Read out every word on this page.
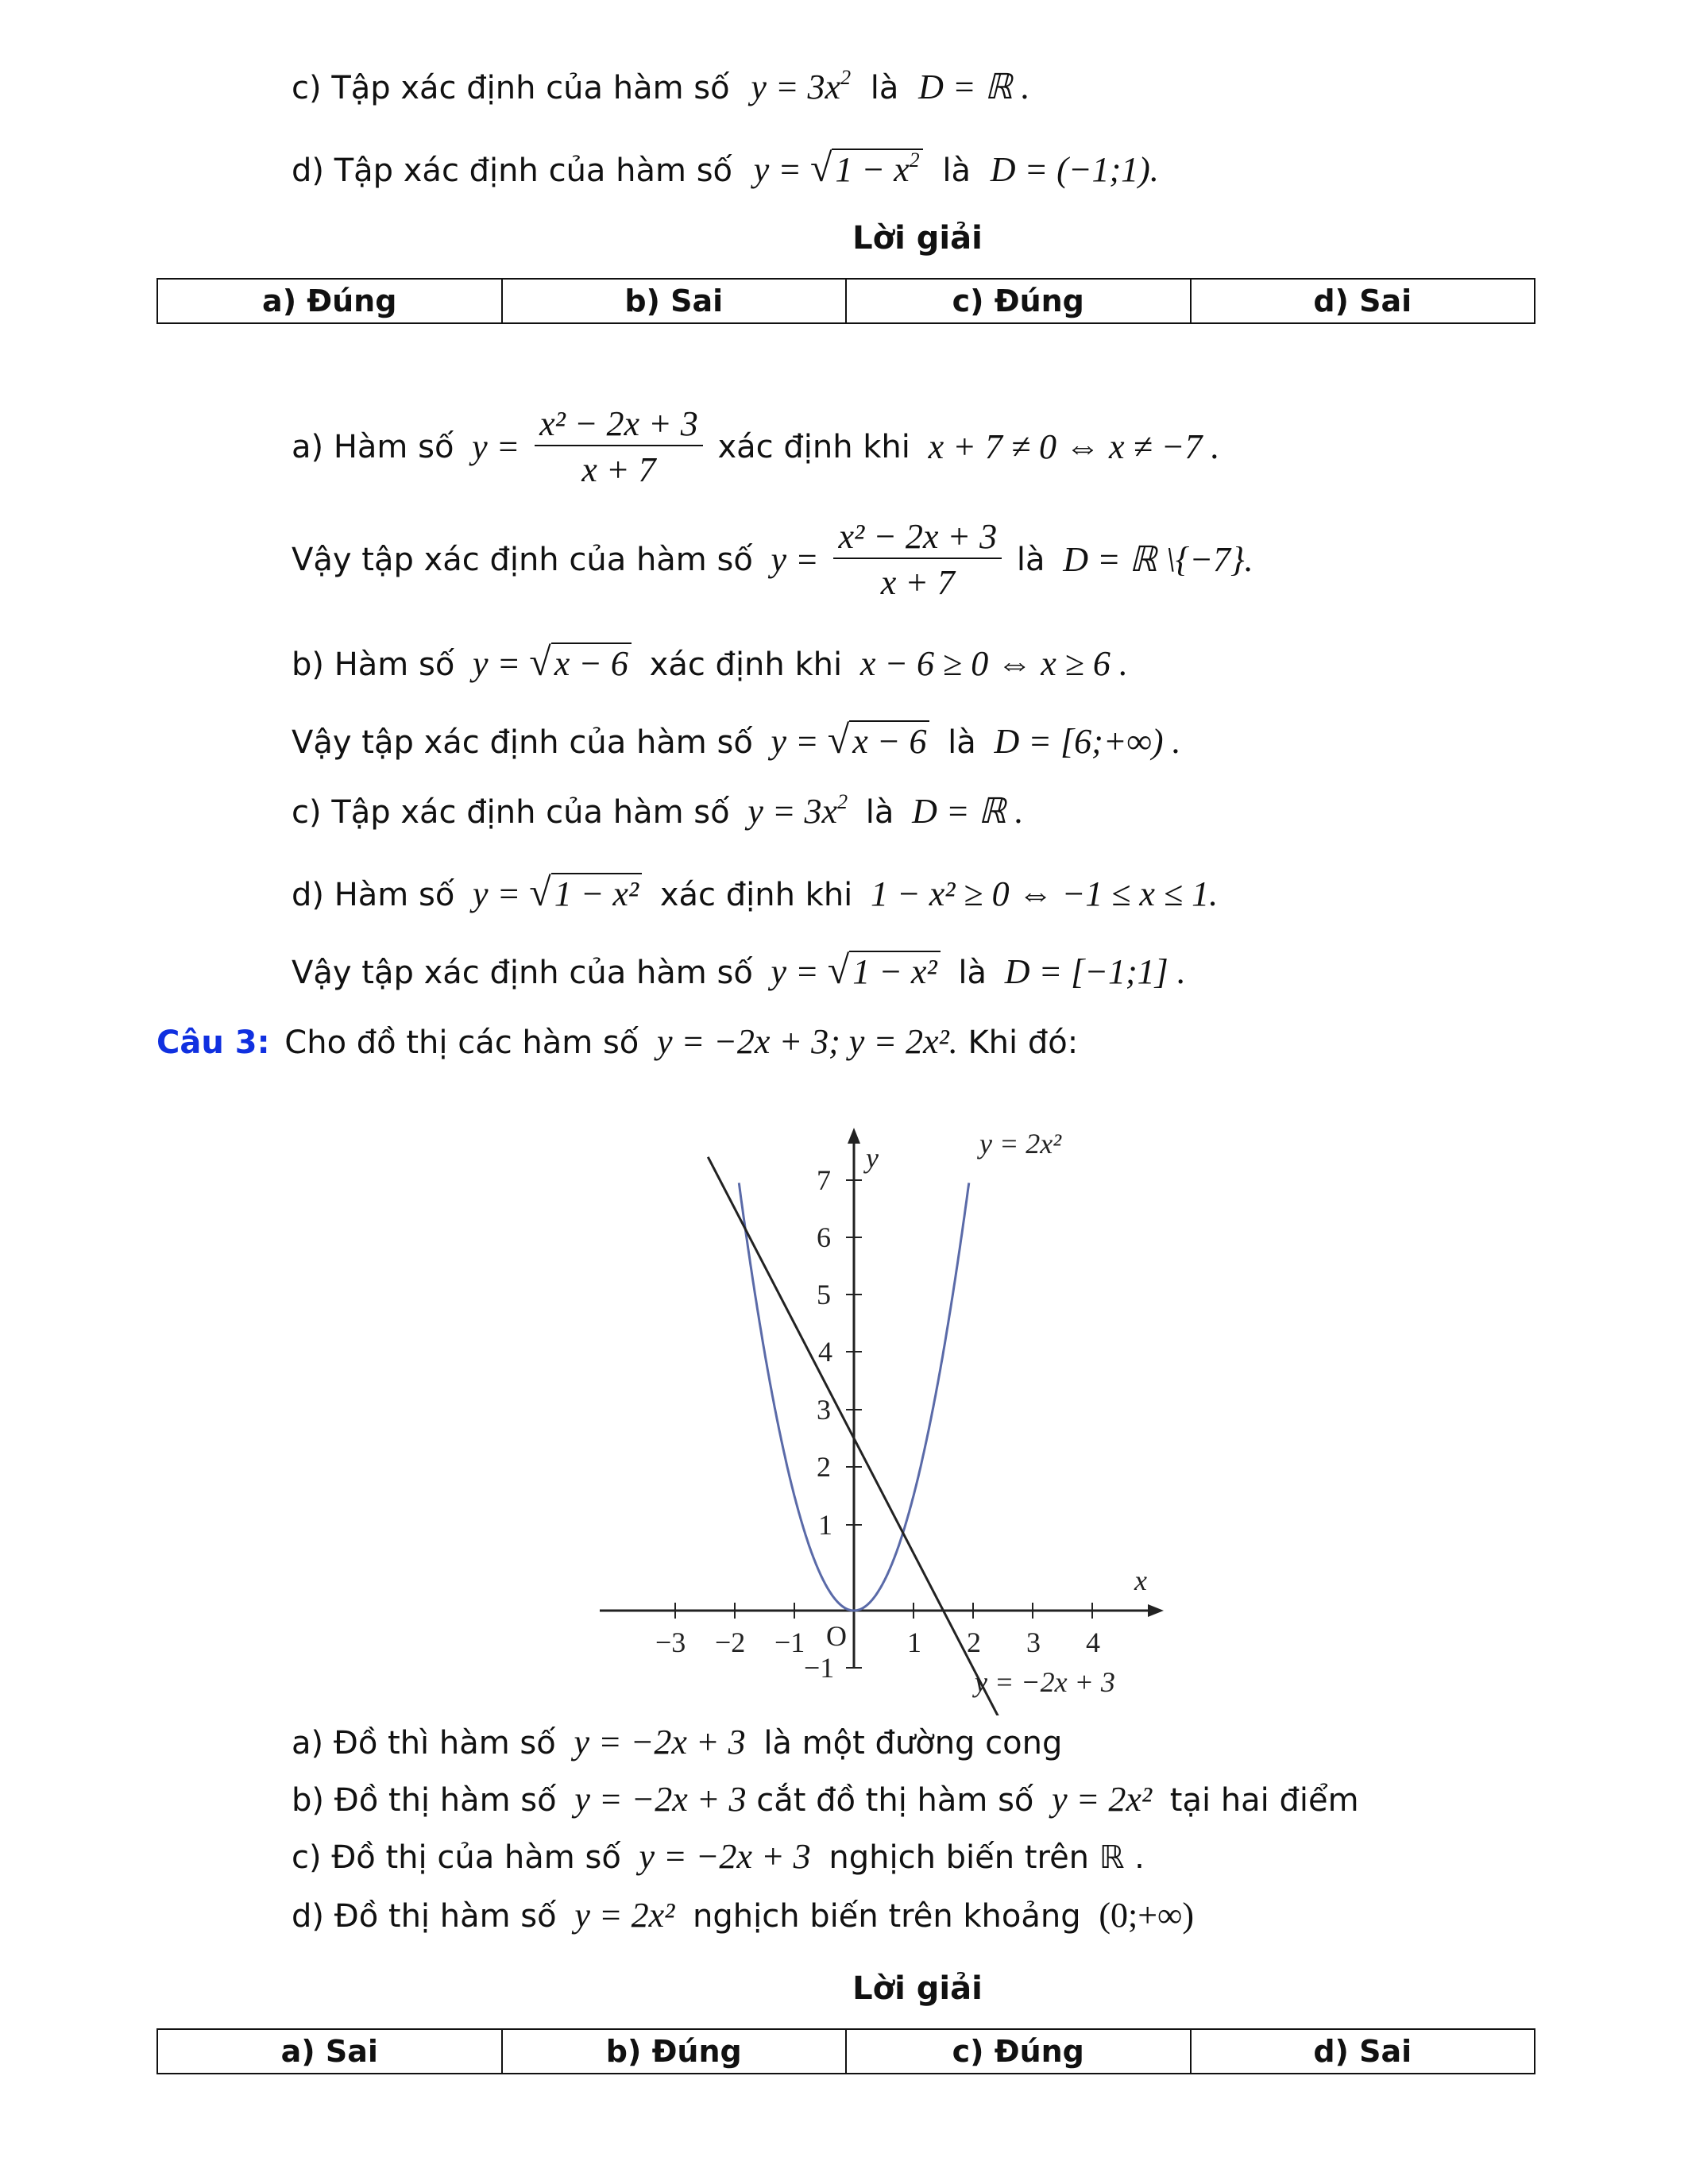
c) Tập xác định của hàm số $y = 3x^2$ là D = ℝ .
d) Tập xác định của hàm số $y = √1 - x^2$ là D = (−1;1).
Lời giải
a) Đúng	b) Sai	c) Đúng	d) Sai
a) Hàm số $y = \frac{\text{x² − 2x + 3}}{x + 7}$ xác định khi x + 7 ≠ 0 ⇔ x ≠ −7 .
Vậy tập xác định của hàm số $y = \frac{\text{x² − 2x + 3}}{x + 7}$ là D = ℝ \{−7}.
b) Hàm số y = √x − 6 xác định khi x − 6 ≥ 0 ⇔ x ≥ 6 .
Vậy tập xác định của hàm số y = √x − 6 là D = [6;+∞) .
c) Tập xác định của hàm số $y = 3x^2$ là D = ℝ .
d) Hàm số y = √1 − x² xác định khi 1 − x² ≥ 0 ⇔ −1 ≤ x ≤ 1.
Vậy tập xác định của hàm số y = √1 − x² là D = [−1;1] .
Câu 3: Cho đồ thị các hàm số y = −2x + 3; y = 2x². Khi đó:
7
6
5
4
3
2
1
−1
−3 −2 −1	1 2 3 4
O
y
x
y = 2x²
y = −2x + 3
a) Đồ thì hàm số y = −2x + 3 là một đường cong
b) Đồ thị hàm số y = −2x + 3 cắt đồ thị hàm số y = 2x² tại hai điểm
c) Đồ thị của hàm số y = −2x + 3 nghịch biến trên ℝ .
d) Đồ thị hàm số y = 2x² nghịch biến trên khoảng (0;+∞)
Lời giải
a) Sai	b) Đúng	c) Đúng	d) Sai
